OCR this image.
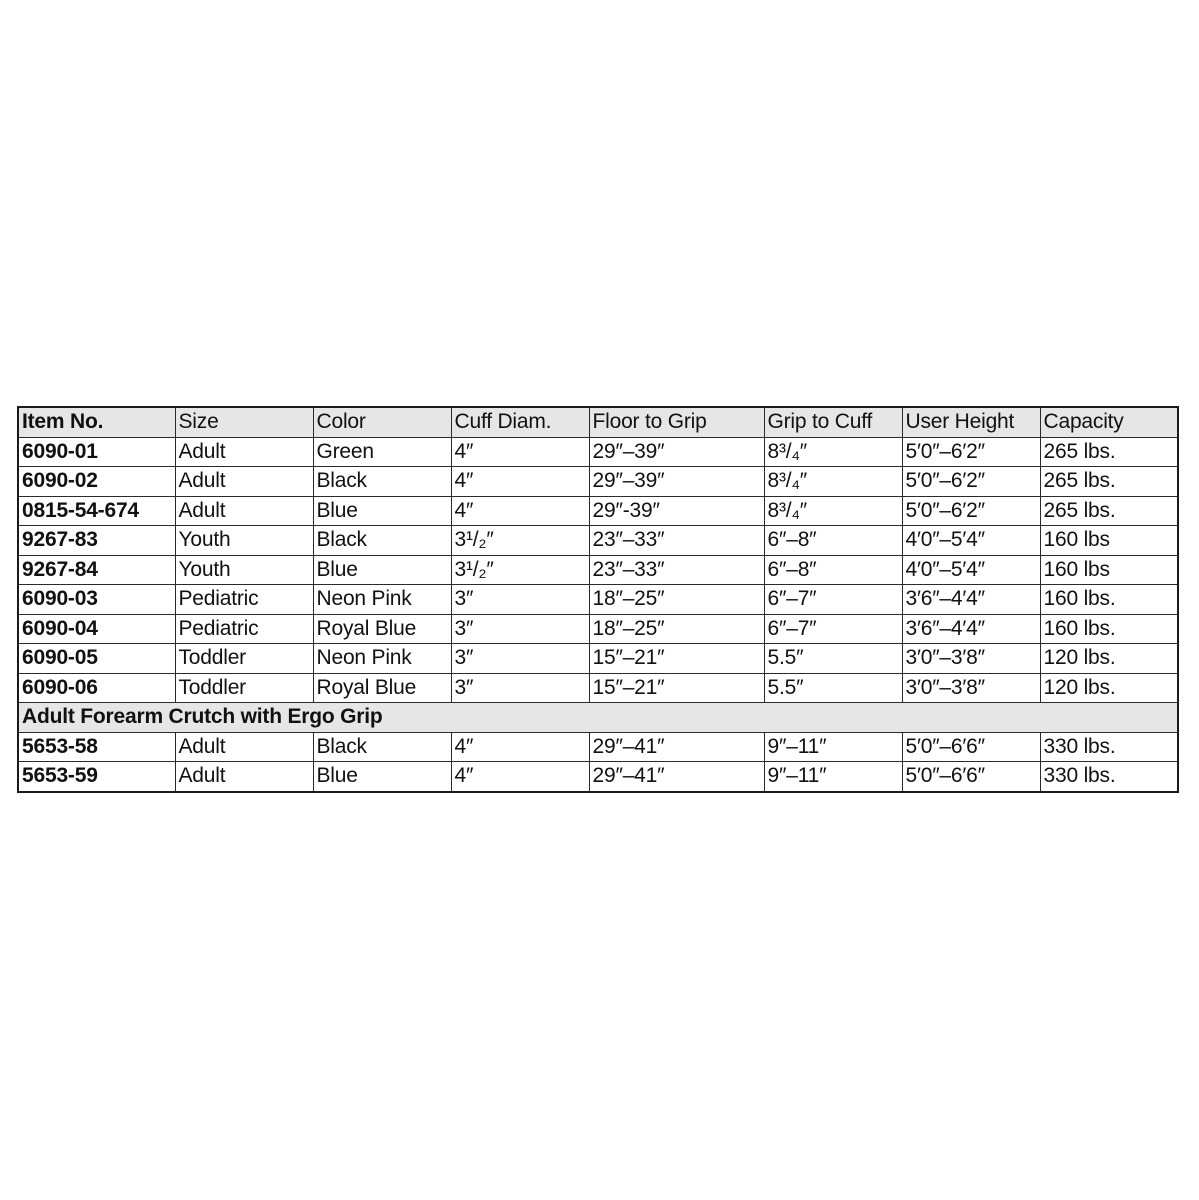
Item No.	Size	Color	Cuff Diam.	Floor to Grip	Grip to Cuff	User Height	Capacity
6090-01	Adult	Green	4″	29″–39″	8³/₄″	5′0″–6′2″	265 lbs.
6090-02	Adult	Black	4″	29″–39″	8³/₄″	5′0″–6′2″	265 lbs.
0815-54-674	Adult	Blue	4″	29″-39″	8³/₄″	5′0″–6′2″	265 lbs.
9267-83	Youth	Black	3¹/₂″	23″–33″	6″–8″	4′0″–5′4″	160 lbs
9267-84	Youth	Blue	3¹/₂″	23″–33″	6″–8″	4′0″–5′4″	160 lbs
6090-03	Pediatric	Neon Pink	3″	18″–25″	6″–7″	3′6″–4′4″	160 lbs.
6090-04	Pediatric	Royal Blue	3″	18″–25″	6″–7″	3′6″–4′4″	160 lbs.
6090-05	Toddler	Neon Pink	3″	15″–21″	5.5″	3′0″–3′8″	120 lbs.
6090-06	Toddler	Royal Blue	3″	15″–21″	5.5″	3′0″–3′8″	120 lbs.
Adult Forearm Crutch with Ergo Grip							
5653-58	Adult	Black	4″	29″–41″	9″–11″	5′0″–6′6″	330 lbs.
5653-59	Adult	Blue	4″	29″–41″	9″–11″	5′0″–6′6″	330 lbs.
